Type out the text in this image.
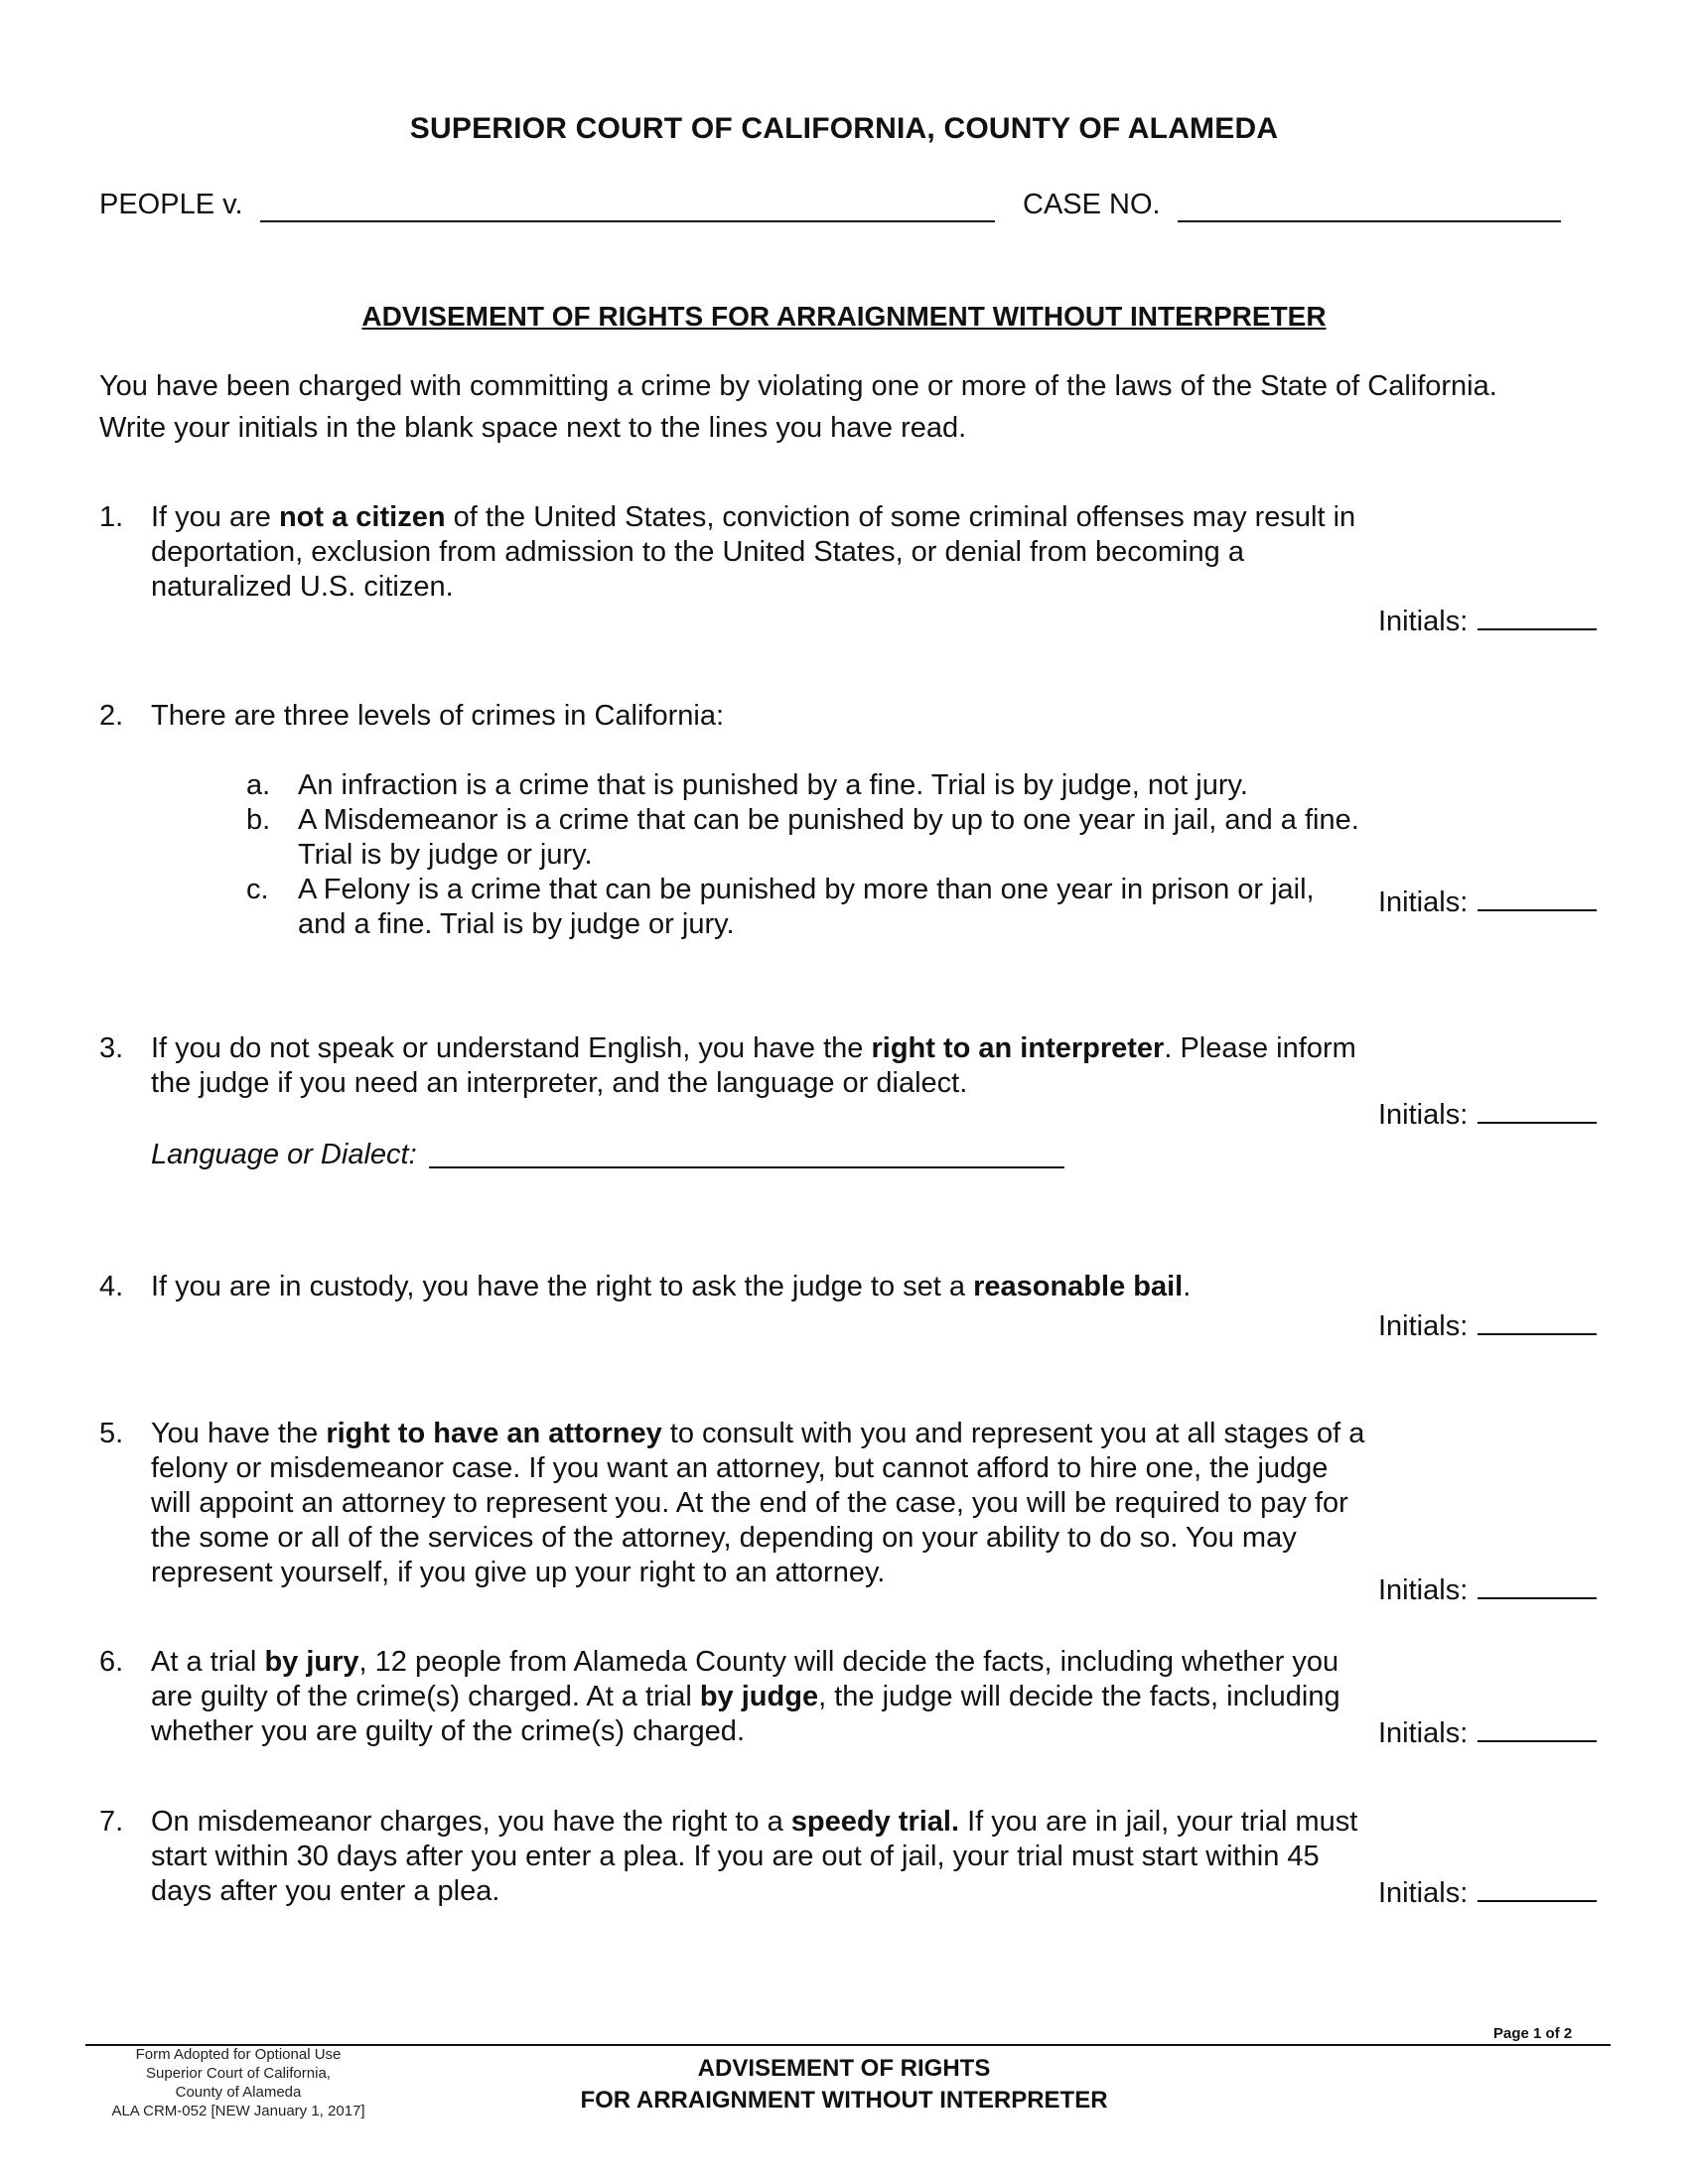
SUPERIOR COURT OF CALIFORNIA, COUNTY OF ALAMEDA
PEOPLE v.	CASE NO.
ADVISEMENT OF RIGHTS FOR ARRAIGNMENT WITHOUT INTERPRETER
You have been charged with committing a crime by violating one or more of the laws of the State of California.
Write your initials in the blank space next to the lines you have read.
1. If you are not a citizen of the United States, conviction of some criminal offenses may result in deportation, exclusion from admission to the United States, or denial from becoming a naturalized U.S. citizen.
Initials:
2. There are three levels of crimes in California:
a. An infraction is a crime that is punished by a fine. Trial is by judge, not jury.
b. A Misdemeanor is a crime that can be punished by up to one year in jail, and a fine. Trial is by judge or jury.
c.	A Felony is a crime that can be punished by more than one year in prison or jail, and a fine. Trial is by judge or jury.
Initials:
3. If you do not speak or understand English, you have the right to an interpreter. Please inform the judge if you need an interpreter, and the language or dialect.
Initials:
Language or Dialect:
4. If you are in custody, you have the right to ask the judge to set a reasonable bail.
Initials:
5. You have the right to have an attorney to consult with you and represent you at all stages of a felony or misdemeanor case. If you want an attorney, but cannot afford to hire one, the judge will appoint an attorney to represent you. At the end of the case, you will be required to pay for the some or all of the services of the attorney, depending on your ability to do so. You may represent yourself, if you give up your right to an attorney.
Initials:
6. At a trial by jury, 12 people from Alameda County will decide the facts, including whether you are guilty of the crime(s) charged. At a trial by judge, the judge will decide the facts, including whether you are guilty of the crime(s) charged.	Initials:
7. On misdemeanor charges, you have the right to a speedy trial. If you are in jail, your trial must start within 30 days after you enter a plea. If you are out of jail, your trial must start within 45 days after you enter a plea.	Initials:
Page 1 of 2
Form Adopted for Optional Use
Superior Court of California,
County of Alameda
ALA CRM-052 [NEW January 1, 2017]
ADVISEMENT OF RIGHTS
FOR ARRAIGNMENT WITHOUT INTERPRETER
